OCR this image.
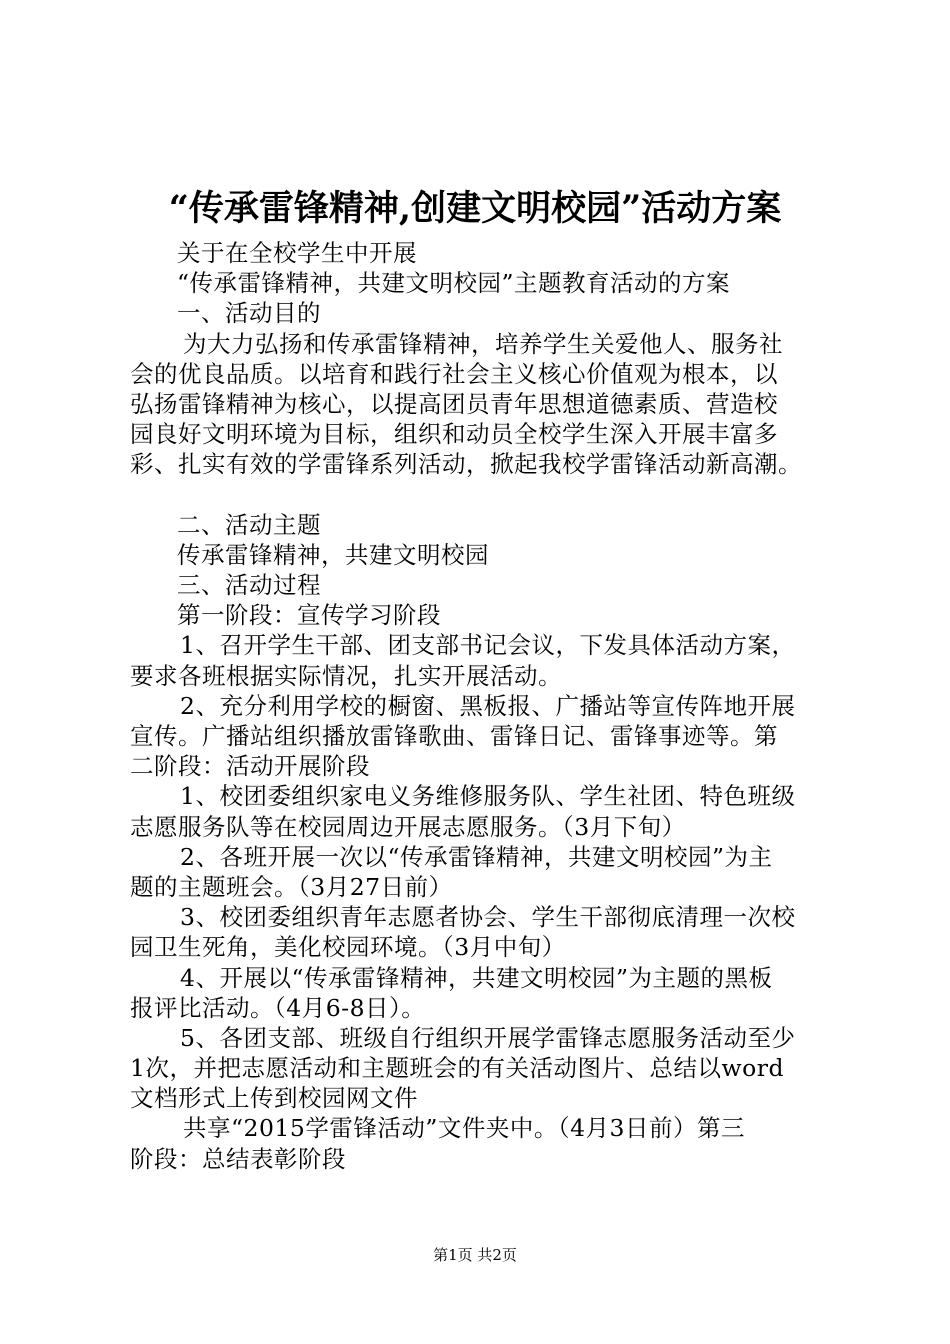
“传承雷锋精神,创建文明校园”活动方案
关于在全校学生中开展
“传承雷锋精神，共建文明校园”主题教育活动的方案
一、活动目的
为大力弘扬和传承雷锋精神，培养学生关爱他人、服务社
会的优良品质。以培育和践行社会主义核心价值观为根本，以
弘扬雷锋精神为核心，以提高团员青年思想道德素质、营造校
园良好文明环境为目标，组织和动员全校学生深入开展丰富多
彩、扎实有效的学雷锋系列活动，掀起我校学雷锋活动新高潮。
二、活动主题
传承雷锋精神，共建文明校园
三、活动过程
第一阶段：宣传学习阶段
1、召开学生干部、团支部书记会议，下发具体活动方案，
要求各班根据实际情况，扎实开展活动。
2、充分利用学校的橱窗、黑板报、广播站等宣传阵地开展
宣传。广播站组织播放雷锋歌曲、雷锋日记、雷锋事迹等。第
二阶段：活动开展阶段
1、校团委组织家电义务维修服务队、学生社团、特色班级
志愿服务队等在校园周边开展志愿服务。（3月下旬）
2、各班开展一次以“传承雷锋精神，共建文明校园”为主
题的主题班会。（3月27日前）
3、校团委组织青年志愿者协会、学生干部彻底清理一次校
园卫生死角，美化校园环境。（3月中旬）
4、开展以“传承雷锋精神，共建文明校园”为主题的黑板
报评比活动。（4月6-8日）。
5、各团支部、班级自行组织开展学雷锋志愿服务活动至少
1次，并把志愿活动和主题班会的有关活动图片、总结以word
文档形式上传到校园网文件
共享“2015学雷锋活动”文件夹中。（4月3日前）第三
阶段：总结表彰阶段
第1页 共2页
